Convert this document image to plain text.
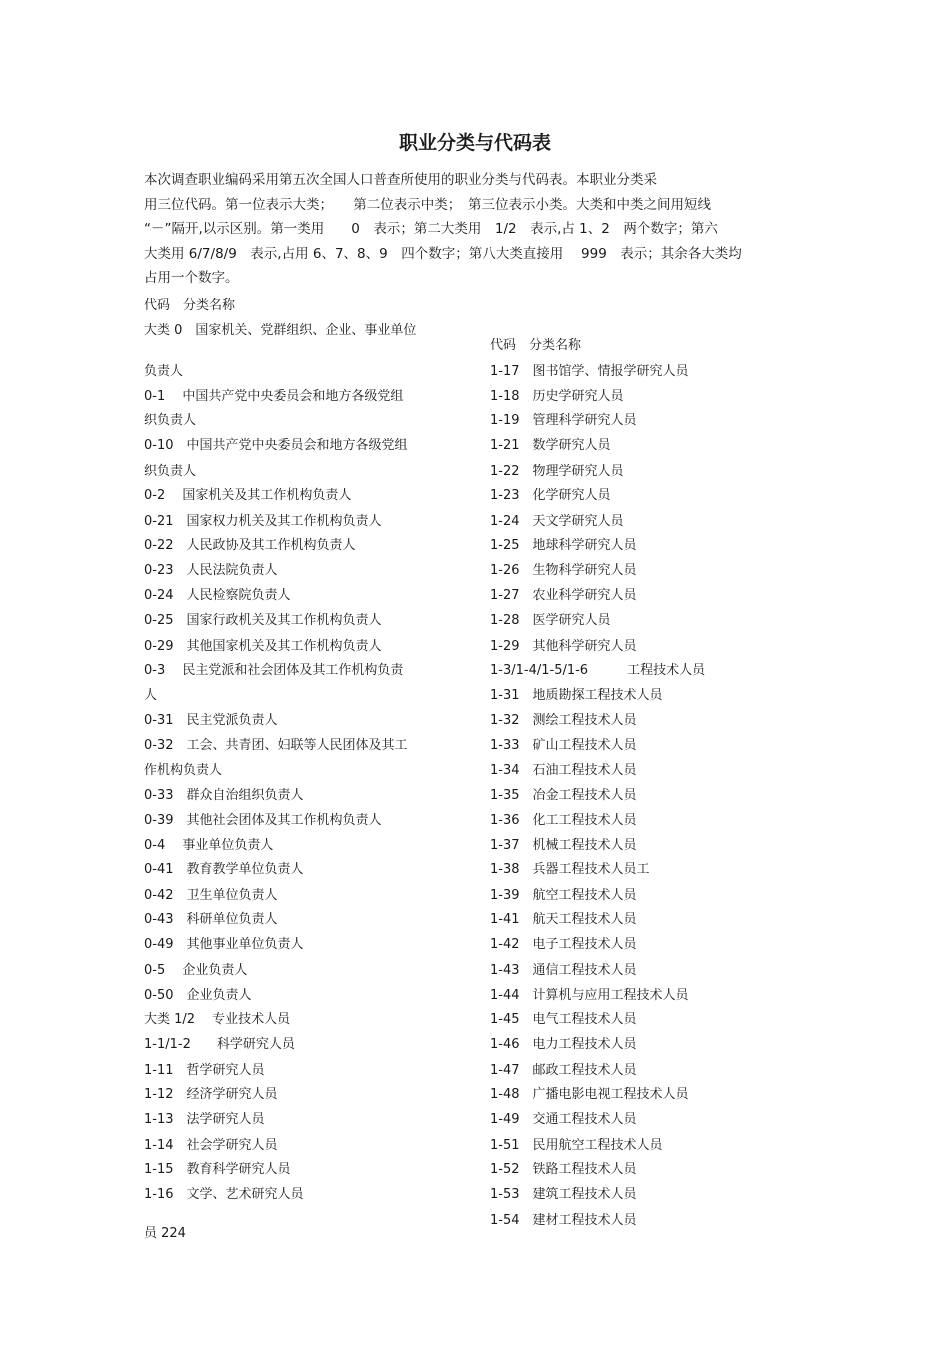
职业分类与代码表
本次调查职业编码采用第五次全国人口普查所使用的职业分类与代码表。本职业分类采
用三位代码。第一位表示大类；　　第二位表示中类；　第三位表示小类。大类和中类之间用短线
“－”隔开,以示区别。第一类用　　0　表示；第二大类用　1/2　表示,占 1、2　两个数字；第六
大类用 6/7/8/9　表示,占用 6、7、8、9　四个数字；第八大类直接用　 999　表示；其余各大类均
占用一个数字。
代码　分类名称
大类 0　国家机关、党群组织、企业、事业单位
负责人
0-1　 中国共产党中央委员会和地方各级党组
织负责人
0-10　中国共产党中央委员会和地方各级党组
织负责人
0-2　 国家机关及其工作机构负责人
0-21　国家权力机关及其工作机构负责人
0-22　人民政协及其工作机构负责人
0-23　人民法院负责人
0-24　人民检察院负责人
0-25　国家行政机关及其工作机构负责人
0-29　其他国家机关及其工作机构负责人
0-3　 民主党派和社会团体及其工作机构负责
人
0-31　民主党派负责人
0-32　工会、共青团、妇联等人民团体及其工
作机构负责人
0-33　群众自治组织负责人
0-39　其他社会团体及其工作机构负责人
0-4　 事业单位负责人
0-41　教育教学单位负责人
0-42　卫生单位负责人
0-43　科研单位负责人
0-49　其他事业单位负责人
0-5　 企业负责人
0-50　企业负责人
大类 1/2　 专业技术人员
1-1/1-2　　科学研究人员
1-11　哲学研究人员
1-12　经济学研究人员
1-13　法学研究人员
1-14　社会学研究人员
1-15　教育科学研究人员
1-16　文学、艺术研究人员
代码　分类名称
1-17　图书馆学、情报学研究人员
1-18　历史学研究人员
1-19　管理科学研究人员
1-21　数学研究人员
1-22　物理学研究人员
1-23　化学研究人员
1-24　天文学研究人员
1-25　地球科学研究人员
1-26　生物科学研究人员
1-27　农业科学研究人员
1-28　医学研究人员
1-29　其他科学研究人员
1-3/1-4/1-5/1-6　　　工程技术人员
1-31　地质勘探工程技术人员
1-32　测绘工程技术人员
1-33　矿山工程技术人员
1-34　石油工程技术人员
1-35　冶金工程技术人员
1-36　化工工程技术人员
1-37　机械工程技术人员
1-38　兵器工程技术人员工
1-39　航空工程技术人员
1-41　航天工程技术人员
1-42　电子工程技术人员
1-43　通信工程技术人员
1-44　计算机与应用工程技术人员
1-45　电气工程技术人员
1-46　电力工程技术人员
1-47　邮政工程技术人员
1-48　广播电影电视工程技术人员
1-49　交通工程技术人员
1-51　民用航空工程技术人员
1-52　铁路工程技术人员
1-53　建筑工程技术人员
1-54　建材工程技术人员
员 224
